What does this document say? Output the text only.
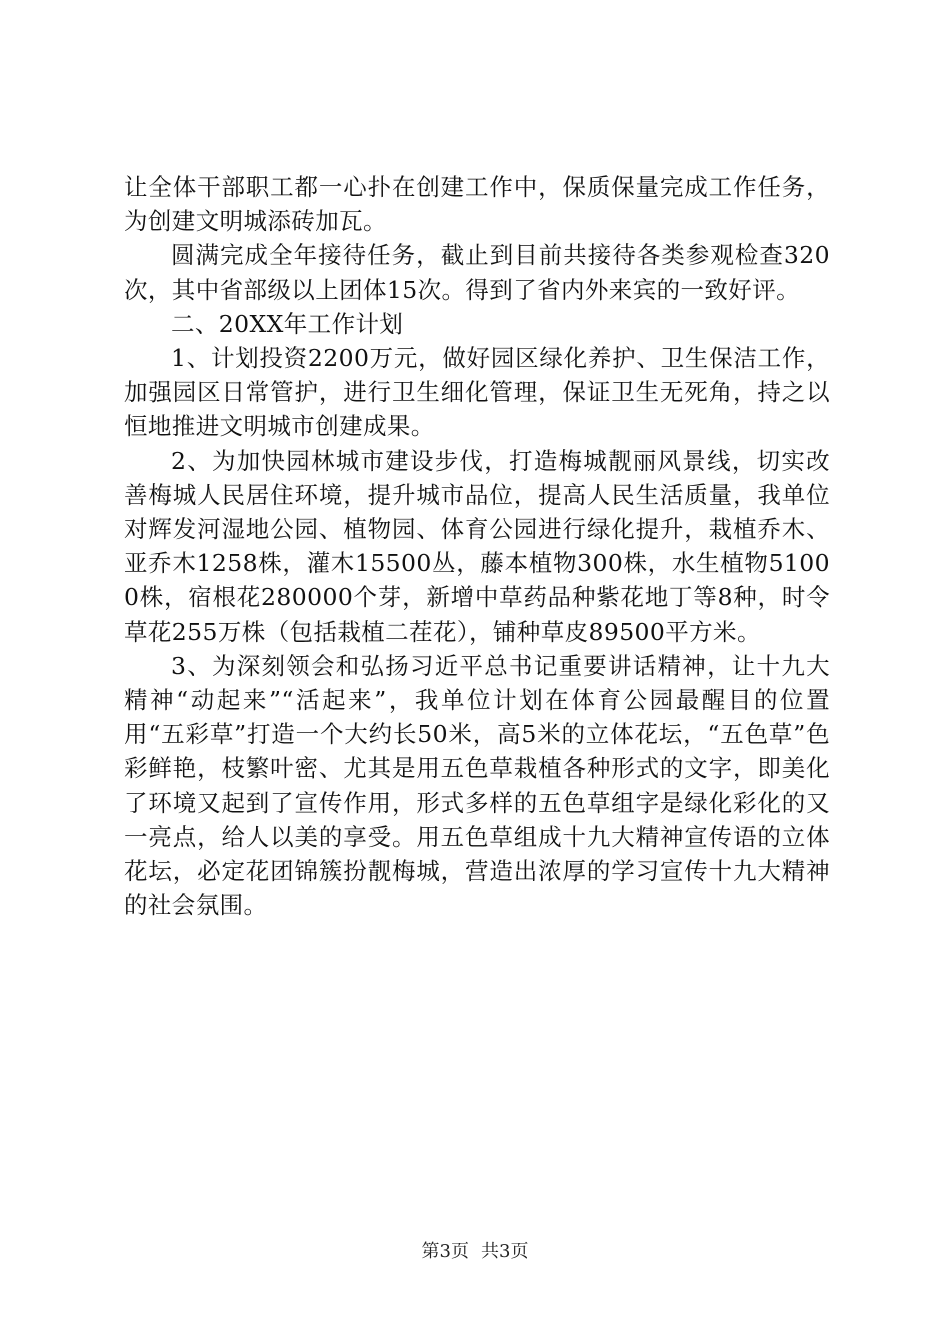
让全体干部职工都一心扑在创建工作中，保质保量完成工作任务，为创建文明城添砖加瓦。

圆满完成全年接待任务，截止到目前共接待各类参观检查320次，其中省部级以上团体15次。得到了省内外来宾的一致好评。

二、20XX年工作计划

1、计划投资2200万元，做好园区绿化养护、卫生保洁工作，加强园区日常管护，进行卫生细化管理，保证卫生无死角，持之以恒地推进文明城市创建成果。

2、为加快园林城市建设步伐，打造梅城靓丽风景线，切实改善梅城人民居住环境，提升城市品位，提高人民生活质量，我单位对辉发河湿地公园、植物园、体育公园进行绿化提升，栽植乔木、亚乔木1258株，灌木15500丛，藤本植物300株，水生植物51000株，宿根花280000个芽，新增中草药品种紫花地丁等8种，时令草花255万株（包括栽植二茬花），铺种草皮89500平方米。

3、为深刻领会和弘扬习近平总书记重要讲话精神，让十九大精神“动起来”“活起来”，我单位计划在体育公园最醒目的位置用“五彩草”打造一个大约长50米，高5米的立体花坛，“五色草”色彩鲜艳，枝繁叶密、尤其是用五色草栽植各种形式的文字，即美化了环境又起到了宣传作用，形式多样的五色草组字是绿化彩化的又一亮点，给人以美的享受。用五色草组成十九大精神宣传语的立体花坛，必定花团锦簇扮靓梅城，营造出浓厚的学习宣传十九大精神的社会氛围。

第3页 共3页
